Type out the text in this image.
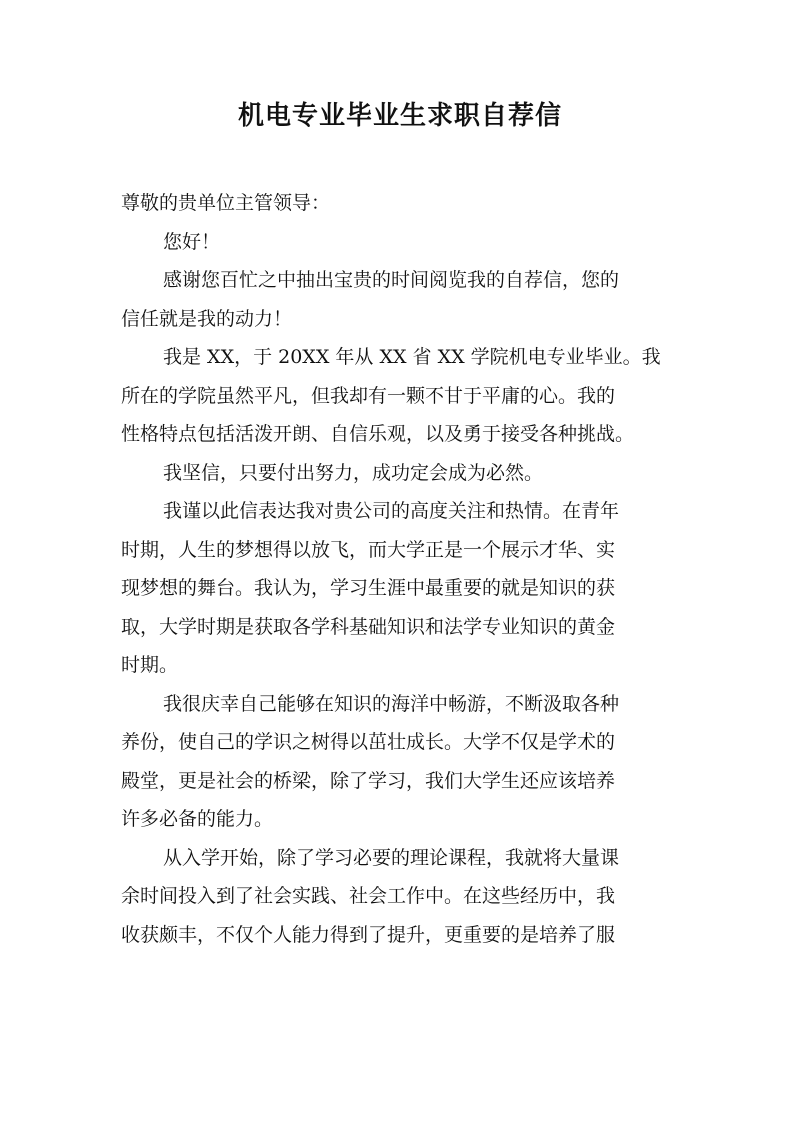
机电专业毕业生求职自荐信
尊敬的贵单位主管领导：
您好！
感谢您百忙之中抽出宝贵的时间阅览我的自荐信，您的
信任就是我的动力！
我是 XX，于 20XX 年从 XX 省 XX 学院机电专业毕业。我
所在的学院虽然平凡，但我却有一颗不甘于平庸的心。我的
性格特点包括活泼开朗、自信乐观，以及勇于接受各种挑战。
我坚信，只要付出努力，成功定会成为必然。
我谨以此信表达我对贵公司的高度关注和热情。在青年
时期，人生的梦想得以放飞，而大学正是一个展示才华、实
现梦想的舞台。我认为，学习生涯中最重要的就是知识的获
取，大学时期是获取各学科基础知识和法学专业知识的黄金
时期。
我很庆幸自己能够在知识的海洋中畅游，不断汲取各种
养份，使自己的学识之树得以茁壮成长。大学不仅是学术的
殿堂，更是社会的桥梁，除了学习，我们大学生还应该培养
许多必备的能力。
从入学开始，除了学习必要的理论课程，我就将大量课
余时间投入到了社会实践、社会工作中。在这些经历中，我
收获颇丰，不仅个人能力得到了提升，更重要的是培养了服
